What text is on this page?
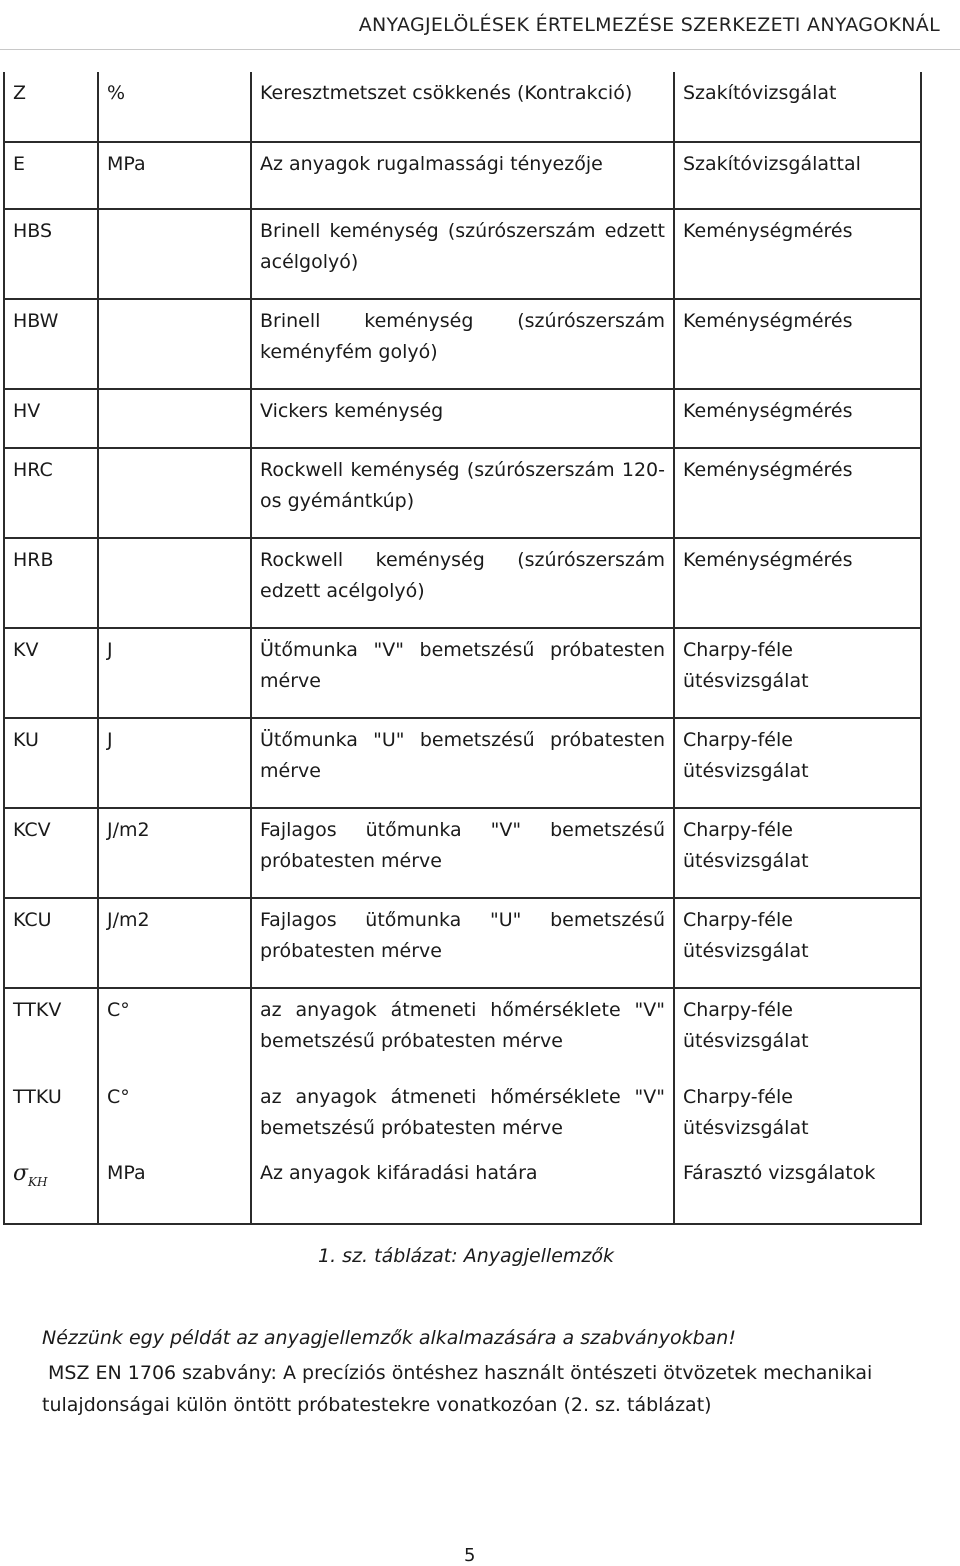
ANYAGJELÖLÉSEK ÉRTELMEZÉSE SZERKEZETI ANYAGOKNÁL
Z	%	Keresztmetszet csökkenés (Kontrakció)	Szakítóvizsgálat
E	MPa	Az anyagok rugalmassági tényezője	Szakítóvizsgálattal
HBS		Brinell keménység (szúrószerszám edzett acélgolyó)	Keménységmérés
HBW		Brinell keménység (szúrószerszám keményfém golyó)	Keménységmérés
HV		Vickers keménység	Keménységmérés
HRC		Rockwell keménység (szúrószerszám 120-os gyémántkúp)	Keménységmérés
HRB		Rockwell keménység (szúrószerszám edzett acélgolyó)	Keménységmérés
KV	J	Ütőmunka "V" bemetszésű próbatesten mérve	Charpy-féle ütésvizsgálat
KU	J	Ütőmunka "U" bemetszésű próbatesten mérve	Charpy-féle ütésvizsgálat
KCV	J/m2	Fajlagos ütőmunka "V" bemetszésű próbatesten mérve	Charpy-féle ütésvizsgálat
KCU	J/m2	Fajlagos ütőmunka "U" bemetszésű próbatesten mérve	Charpy-féle ütésvizsgálat
TTKV	C°	az anyagok átmeneti hőmérséklete "V" bemetszésű próbatesten mérve	Charpy-féle ütésvizsgálat
TTKU	C°	az anyagok átmeneti hőmérséklete "V" bemetszésű próbatesten mérve	Charpy-féle ütésvizsgálat
$\sigma_{KH}$	MPa	Az anyagok kifáradási határa	Fárasztó vizsgálatok
1. sz. táblázat: Anyagjellemzők
Nézzünk egy példát az anyagjellemzők alkalmazására a szabványokban!
MSZ EN 1706 szabvány: A precíziós öntéshez használt öntészeti ötvözetek mechanikai tulajdonságai külön öntött próbatestekre vonatkozóan (2. sz. táblázat)
5
